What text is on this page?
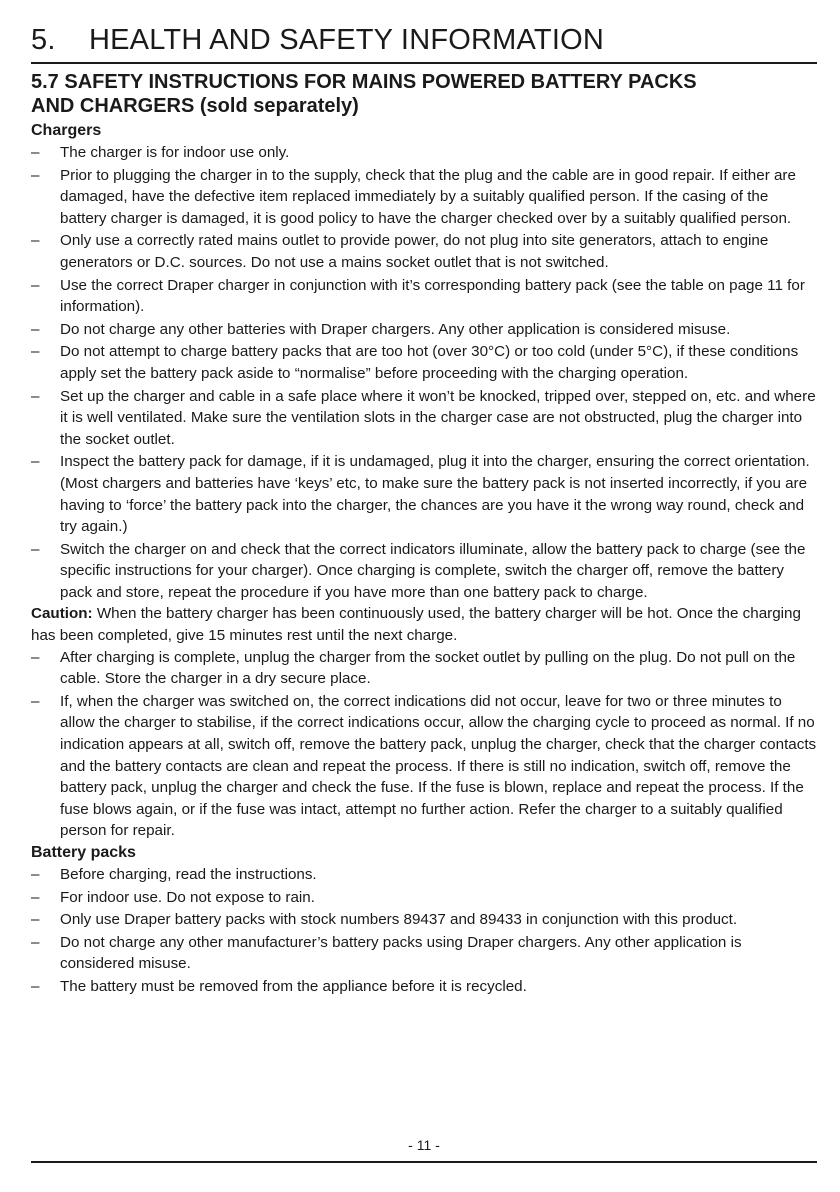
5. HEALTH AND SAFETY INFORMATION
5.7 SAFETY INSTRUCTIONS FOR MAINS POWERED BATTERY PACKS
AND CHARGERS (sold separately)
Chargers
– The charger is for indoor use only.
– Prior to plugging the charger in to the supply, check that the plug and the cable are in good repair. If either are damaged, have the defective item replaced immediately by a suitably qualified person. If the casing of the battery charger is damaged, it is good policy to have the charger checked over by a suitably qualified person.
– Only use a correctly rated mains outlet to provide power, do not plug into site generators, attach to engine generators or D.C. sources. Do not use a mains socket outlet that is not switched.
– Use the correct Draper charger in conjunction with it’s corresponding battery pack (see the table on page 11 for information).
– Do not charge any other batteries with Draper chargers. Any other application is considered misuse.
– Do not attempt to charge battery packs that are too hot (over 30°C) or too cold (under 5°C), if these conditions apply set the battery pack aside to “normalise” before proceeding with the charging operation.
– Set up the charger and cable in a safe place where it won’t be knocked, tripped over, stepped on, etc. and where it is well ventilated. Make sure the ventilation slots in the charger case are not obstructed, plug the charger into the socket outlet.
– Inspect the battery pack for damage, if it is undamaged, plug it into the charger, ensuring the correct orientation. (Most chargers and batteries have ‘keys’ etc, to make sure the battery pack is not inserted incorrectly, if you are having to ‘force’ the battery pack into the charger, the chances are you have it the wrong way round, check and try again.)
– Switch the charger on and check that the correct indicators illuminate, allow the battery pack to charge (see the specific instructions for your charger). Once charging is complete, switch the charger off, remove the battery pack and store, repeat the procedure if you have more than one battery pack to charge.

Caution: When the battery charger has been continuously used, the battery charger will be hot. Once the charging has been completed, give 15 minutes rest until the next charge.

– After charging is complete, unplug the charger from the socket outlet by pulling on the plug. Do not pull on the cable. Store the charger in a dry secure place.
– If, when the charger was switched on, the correct indications did not occur, leave for two or three minutes to allow the charger to stabilise, if the correct indications occur, allow the charging cycle to proceed as normal. If no indication appears at all, switch off, remove the battery pack, unplug the charger, check that the charger contacts and the battery contacts are clean and repeat the process. If there is still no indication, switch off, remove the battery pack, unplug the charger and check the fuse. If the fuse is blown, replace and repeat the process. If the fuse blows again, or if the fuse was intact, attempt no further action. Refer the charger to a suitably qualified person for repair.
Battery packs
– Before charging, read the instructions.
– For indoor use. Do not expose to rain.
– Only use Draper battery packs with stock numbers 89437 and 89433 in conjunction with this product.
– Do not charge any other manufacturer’s battery packs using Draper chargers. Any other application is considered misuse.
– The battery must be removed from the appliance before it is recycled.
- 11 -
